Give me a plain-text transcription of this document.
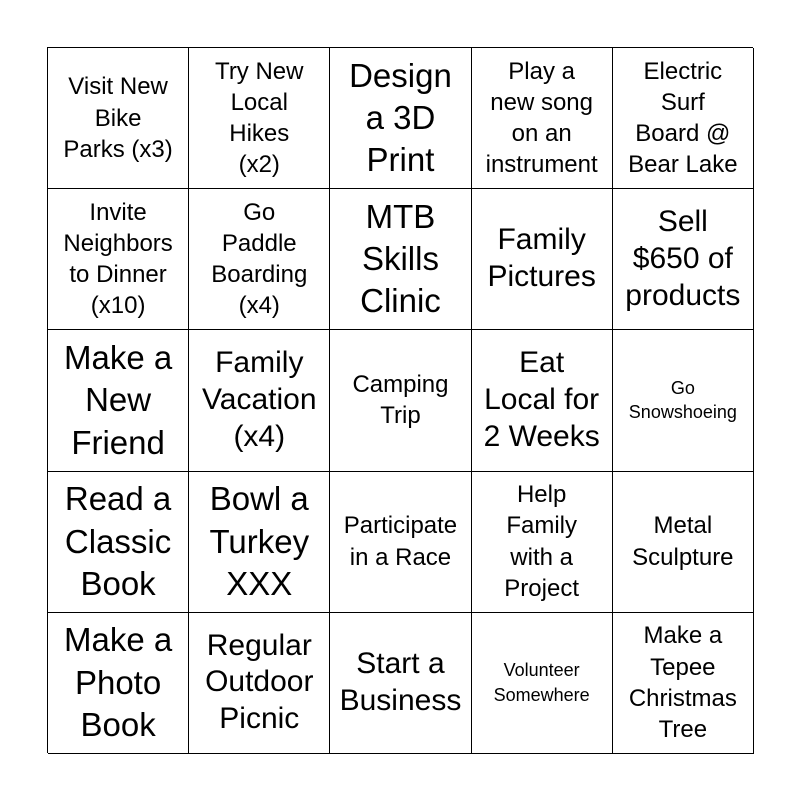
Visit New
Bike
Parks (x3)
Try New
Local
Hikes
(x2)
Design
a 3D
Print
Play a
new song
on an
instrument
Electric
Surf
Board @
Bear Lake
Invite
Neighbors
to Dinner
(x10)
Go
Paddle
Boarding
(x4)
MTB
Skills
Clinic
Family
Pictures
Sell
$650 of
products
Make a
New
Friend
Family
Vacation
(x4)
Camping
Trip
Eat
Local for
2 Weeks
Go
Snowshoeing
Read a
Classic
Book
Bowl a
Turkey
XXX
Participate
in a Race
Help
Family
with a
Project
Metal
Sculpture
Make a
Photo
Book
Regular
Outdoor
Picnic
Start a
Business
Volunteer
Somewhere
Make a
Tepee
Christmas
Tree
